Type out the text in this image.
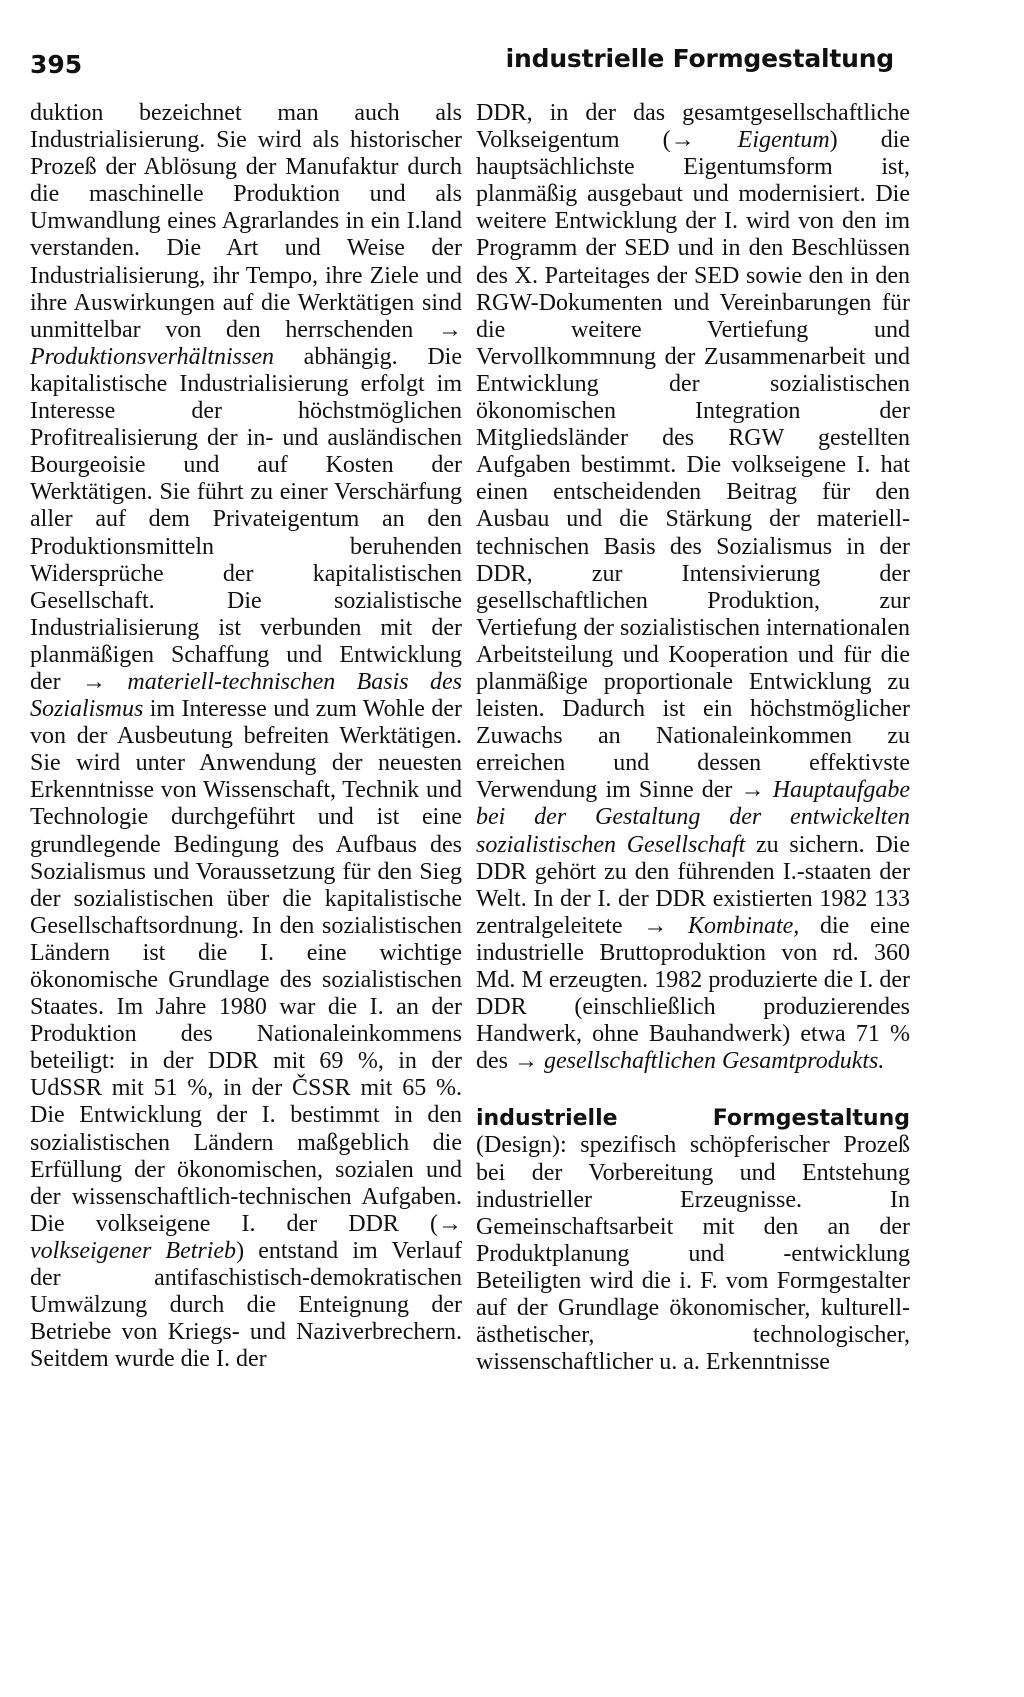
395	industrielle Formgestaltung

duktion bezeichnet man auch als Industrialisierung. Sie wird als historischer Prozeß der Ablösung der Manufaktur durch die maschinelle Produktion und als Umwandlung eines Agrarlandes in ein I.land verstanden. Die Art und Weise der Industrialisierung, ihr Tempo, ihre Ziele und ihre Auswirkungen auf die Werktätigen sind unmittelbar von den herrschenden → Produktionsverhältnissen abhängig. Die kapitalistische Industrialisierung erfolgt im Interesse der höchstmöglichen Profitrealisierung der in- und ausländischen Bourgeoisie und auf Kosten der Werktätigen. Sie führt zu einer Verschärfung aller auf dem Privateigentum an den Produktionsmitteln beruhenden Widersprüche der kapitalistischen Gesellschaft. Die sozialistische Industrialisierung ist verbunden mit der planmäßigen Schaffung und Entwicklung der → materiell-technischen Basis des Sozialismus im Interesse und zum Wohle der von der Ausbeutung befreiten Werktätigen. Sie wird unter Anwendung der neuesten Erkenntnisse von Wissenschaft, Technik und Technologie durchgeführt und ist eine grundlegende Bedingung des Aufbaus des Sozialismus und Voraussetzung für den Sieg der sozialistischen über die kapitalistische Gesellschaftsordnung. In den sozialistischen Ländern ist die I. eine wichtige ökonomische Grundlage des sozialistischen Staates. Im Jahre 1980 war die I. an der Produktion des Nationaleinkommens beteiligt: in der DDR mit 69 %, in der UdSSR mit 51 %, in der ČSSR mit 65 %. Die Entwicklung der I. bestimmt in den sozialistischen Ländern maßgeblich die Erfüllung der ökonomischen, sozialen und der wissenschaftlich-technischen Aufgaben. Die volkseigene I. der DDR (→ volkseigener Betrieb) entstand im Verlauf der antifaschistisch-demokratischen Umwälzung durch die Enteignung der Betriebe von Kriegs- und Naziverbrechern. Seitdem wurde die I. der

DDR, in der das gesamtgesellschaftliche Volkseigentum (→ Eigentum) die hauptsächlichste Eigentumsform ist, planmäßig ausgebaut und modernisiert. Die weitere Entwicklung der I. wird von den im Programm der SED und in den Beschlüssen des X. Parteitages der SED sowie den in den RGW-Dokumenten und Vereinbarungen für die weitere Vertiefung und Vervollkommnung der Zusammenarbeit und Entwicklung der sozialistischen ökonomischen Integration der Mitgliedsländer des RGW gestellten Aufgaben bestimmt. Die volkseigene I. hat einen entscheidenden Beitrag für den Ausbau und die Stärkung der materiell-technischen Basis des Sozialismus in der DDR, zur Intensivierung der gesellschaftlichen Produktion, zur Vertiefung der sozialistischen internationalen Arbeitsteilung und Kooperation und für die planmäßige proportionale Entwicklung zu leisten. Dadurch ist ein höchstmöglicher Zuwachs an Nationaleinkommen zu erreichen und dessen effektivste Verwendung im Sinne der → Hauptaufgabe bei der Gestaltung der entwickelten sozialistischen Gesellschaft zu sichern. Die DDR gehört zu den führenden I.-staaten der Welt. In der I. der DDR existierten 1982 133 zentralgeleitete → Kombinate, die eine industrielle Bruttoproduktion von rd. 360 Md. M erzeugten. 1982 produzierte die I. der DDR (einschließlich produzierendes Handwerk, ohne Bauhandwerk) etwa 71 % des → gesellschaftlichen Gesamtprodukts.

industrielle Formgestaltung (Design): spezifisch schöpferischer Prozeß bei der Vorbereitung und Entstehung industrieller Erzeugnisse. In Gemeinschaftsarbeit mit den an der Produktplanung und -entwicklung Beteiligten wird die i. F. vom Formgestalter auf der Grundlage ökonomischer, kulturell-ästhetischer, technologischer, wissenschaftlicher u. a. Erkenntnisse
